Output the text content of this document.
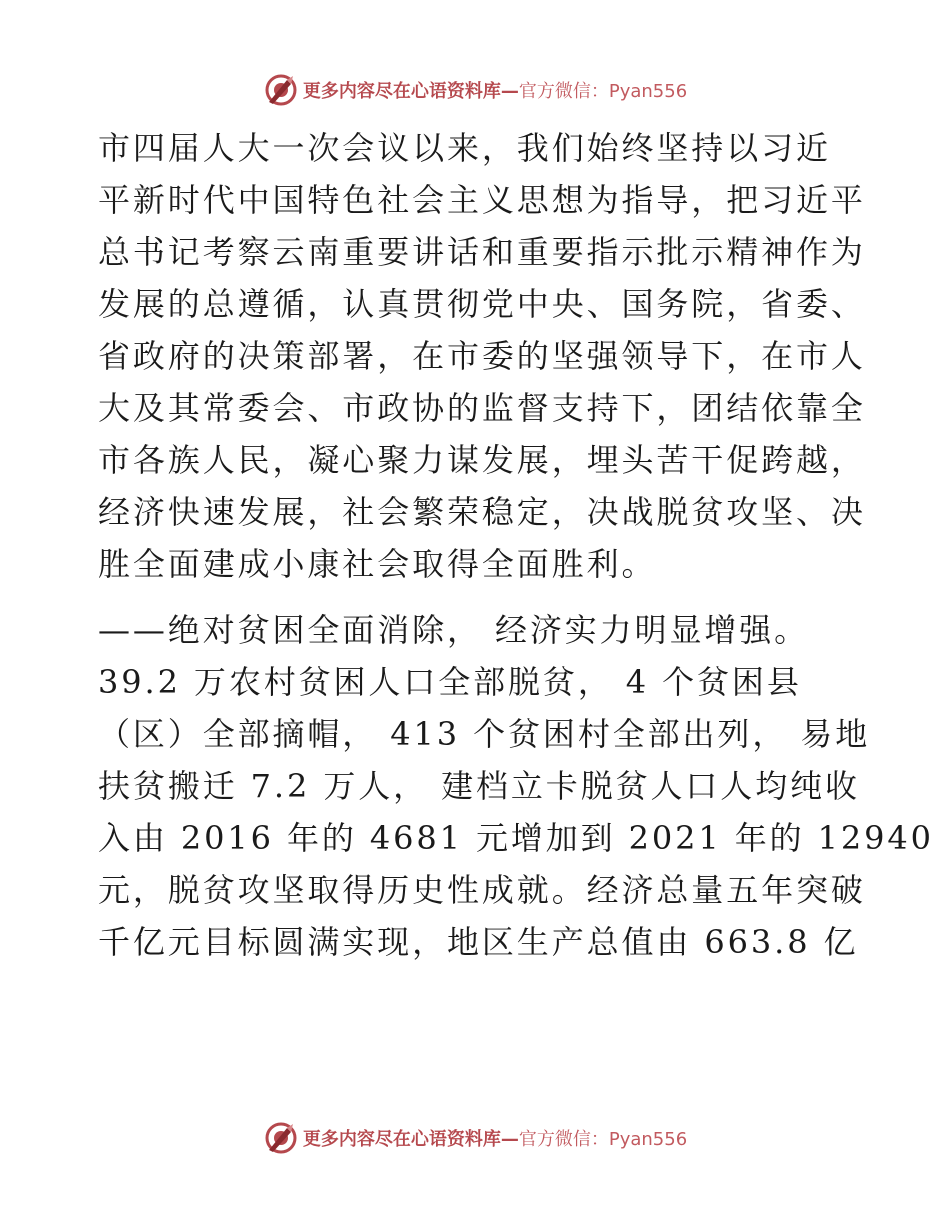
更多内容尽在心语资料库—官方微信：Pyan556

市四届人大一次会议以来，我们始终坚持以习近
平新时代中国特色社会主义思想为指导，把习近平
总书记考察云南重要讲话和重要指示批示精神作为
发展的总遵循，认真贯彻党中央、国务院，省委、
省政府的决策部署，在市委的坚强领导下，在市人
大及其常委会、市政协的监督支持下，团结依靠全
市各族人民，凝心聚力谋发展，埋头苦干促跨越，
经济快速发展，社会繁荣稳定，决战脱贫攻坚、决
胜全面建成小康社会取得全面胜利。

——绝对贫困全面消除， 经济实力明显增强。
39.2 万农村贫困人口全部脱贫， 4 个贫困县
（区）全部摘帽， 413 个贫困村全部出列， 易地
扶贫搬迁 7.2 万人， 建档立卡脱贫人口人均纯收
入由 2016 年的 4681 元增加到 2021 年的 12940
元，脱贫攻坚取得历史性成就。经济总量五年突破
千亿元目标圆满实现，地区生产总值由 663.8 亿

更多内容尽在心语资料库—官方微信：Pyan556
